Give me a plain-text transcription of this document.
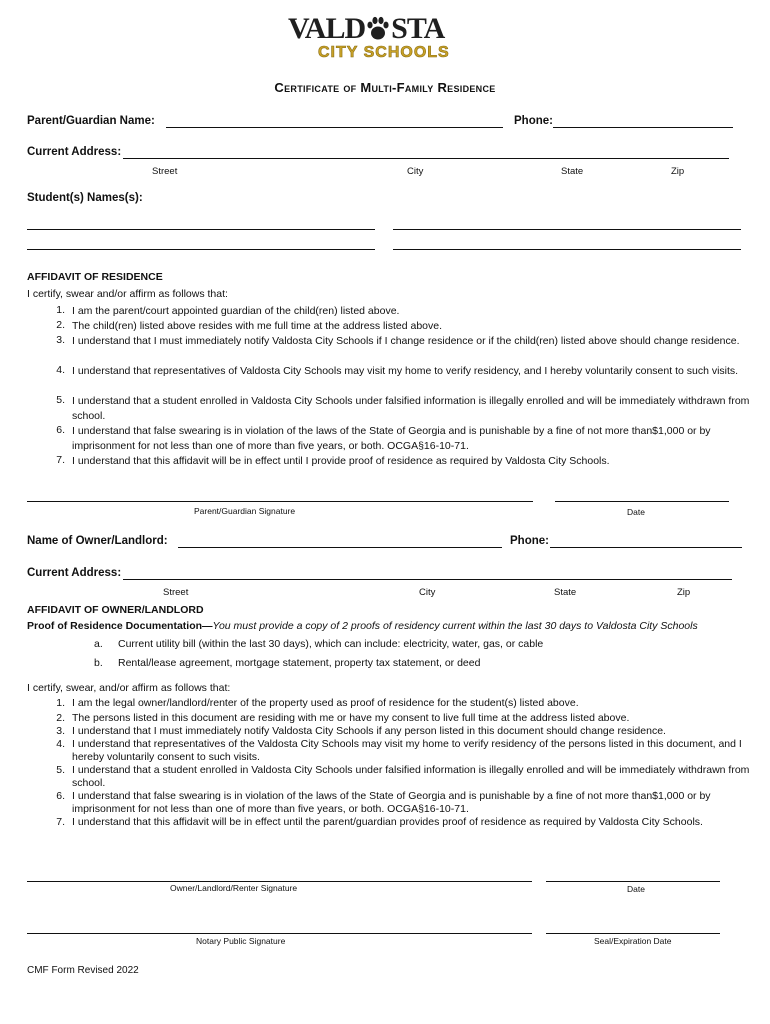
VALD STA
CITY SCHOOLS
Certificate of Multi-Family Residence
Parent/Guardian Name:	Phone:
Current Address:
Street	City	State	Zip
Student(s) Names(s):
AFFIDAVIT OF RESIDENCE
I certify, swear and/or affirm as follows that:
1. I am the parent/court appointed guardian of the child(ren) listed above.
2. The child(ren) listed above resides with me full time at the address listed above.
3. I understand that I must immediately notify Valdosta City Schools if I change residence or if the child(ren) listed above should change residence.
4. I understand that representatives of Valdosta City Schools may visit my home to verify residency, and I hereby voluntarily consent to such visits.
5. I understand that a student enrolled in Valdosta City Schools under falsified information is illegally enrolled and will be immediately withdrawn from school.
6. I understand that false swearing is in violation of the laws of the State of Georgia and is punishable by a fine of not more than$1,000 or by imprisonment for not less than one of more than five years, or both. OCGA§16-10-71.
7. I understand that this affidavit will be in effect until I provide proof of residence as required by Valdosta City Schools.
Parent/Guardian Signature	Date
Name of Owner/Landlord:	Phone:
Current Address:
Street	City	State	Zip
AFFIDAVIT OF OWNER/LANDLORD
Proof of Residence Documentation—You must provide a copy of 2 proofs of residency current within the last 30 days to Valdosta City Schools
a. Current utility bill (within the last 30 days), which can include: electricity, water, gas, or cable
b. Rental/lease agreement, mortgage statement, property tax statement, or deed
I certify, swear, and/or affirm as follows that:
1. I am the legal owner/landlord/renter of the property used as proof of residence for the student(s) listed above.
2. The persons listed in this document are residing with me or have my consent to live full time at the address listed above.
3. I understand that I must immediately notify Valdosta City Schools if any person listed in this document should change residence.
4. I understand that representatives of the Valdosta City Schools may visit my home to verify residency of the persons listed in this document, and I hereby voluntarily consent to such visits.
5. I understand that a student enrolled in Valdosta City Schools under falsified information is illegally enrolled and will be immediately withdrawn from school.
6. I understand that false swearing is in violation of the laws of the State of Georgia and is punishable by a fine of not more than$1,000 or by imprisonment for not less than one of more than five years, or both. OCGA§16-10-71.
7. I understand that this affidavit will be in effect until the parent/guardian provides proof of residence as required by Valdosta City Schools.
Owner/Landlord/Renter Signature	Date
Notary Public Signature	Seal/Expiration Date
CMF Form Revised 2022
